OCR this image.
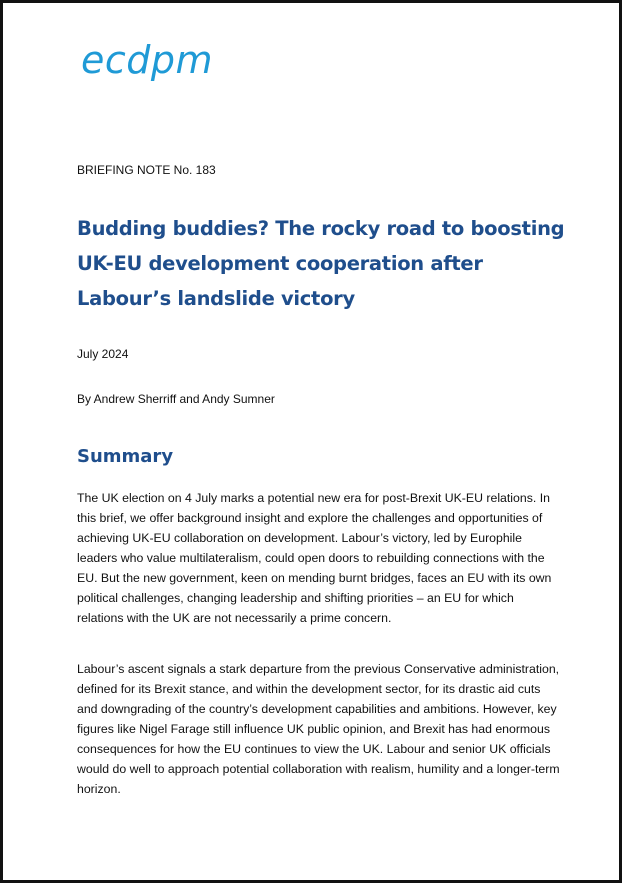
ecdpm
BRIEFING NOTE No. 183
Budding buddies? The rocky road to boosting UK-EU development cooperation after Labour’s landslide victory
July 2024
By Andrew Sherriff and Andy Sumner
Summary

The UK election on 4 July marks a potential new era for post-Brexit UK-EU relations. In this brief, we offer background insight and explore the challenges and opportunities of achieving UK-EU collaboration on development. Labour’s victory, led by Europhile leaders who value multilateralism, could open doors to rebuilding connections with the EU. But the new government, keen on mending burnt bridges, faces an EU with its own political challenges, changing leadership and shifting priorities – an EU for which relations with the UK are not necessarily a prime concern.

Labour’s ascent signals a stark departure from the previous Conservative administration, defined for its Brexit stance, and within the development sector, for its drastic aid cuts and downgrading of the country’s development capabilities and ambitions. However, key figures like Nigel Farage still influence UK public opinion, and Brexit has had enormous consequences for how the EU continues to view the UK. Labour and senior UK officials would do well to approach potential collaboration with realism, humility and a longer-term horizon.
